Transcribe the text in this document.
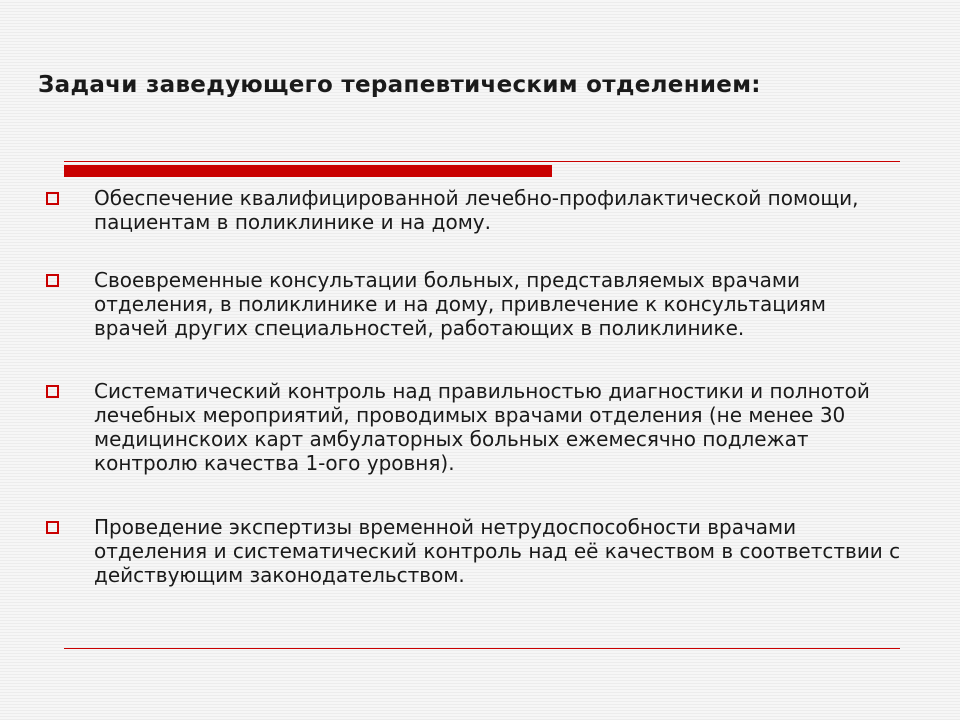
Задачи заведующего терапевтическим отделением:
Обеспечение квалифицированной лечебно-профилактической помощи, пациентам в поликлинике и на дому.
Своевременные консультации больных, представляемых врачами отделения, в поликлинике и на дому, привлечение к консультациям врачей других специальностей, работающих в поликлинике.
Систематический контроль над правильностью диагностики и полнотой лечебных мероприятий, проводимых врачами отделения (не менее 30 медицинскоих карт амбулаторных больных ежемесячно подлежат контролю качества 1-ого уровня).
Проведение экспертизы временной нетрудоспособности врачами отделения и систематический контроль над её качеством в соответствии с действующим законодательством.
